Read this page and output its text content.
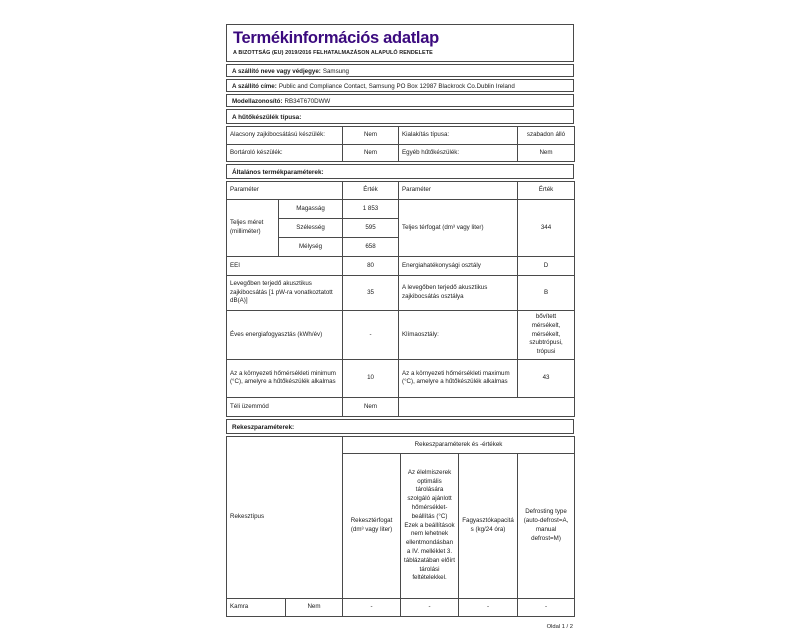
Termékinformációs adatlap
A BIZOTTSÁG (EU) 2019/2016 FELHATALMAZÁSON ALAPULÓ RENDELETE
A szállító neve vagy védjegye: Samsung
A szállító címe: Public and Compliance Contact, Samsung PO Box 12987 Blackrock Co.Dublin Ireland
Modellazonosító: RB34T670DWW
A hűtőkészülék típusa:
Alacsony zajkibocsátású készülék:	Nem	Kialakítás típusa:	szabadon álló
Bortároló készülék:	Nem	Egyéb hűtőkészülék:	Nem
Általános termékparaméterek:
Paraméter		Érték	Paraméter	Érték
Teljes méret (milliméter)	Magasság	1 853	Teljes térfogat (dm³ vagy liter)	344
	Szélesség	595		
	Mélység	658		
EEI		80	Energiahatékonysági osztály	D
Levegőben terjedő akusztikus zajkibocsátás [1 pW-ra vonatkoztatott dB(A)]		35	A levegőben terjedő akusztikus zajkibocsátás osztálya	B
Éves energiafogyasztás (kWh/év)		-	Klímaosztály:	bővített mérsékelt, mérsékelt, szubtrópusi, trópusi
Az a környezeti hőmérsékleti minimum (°C), amelyre a hűtőkészülék alkalmas		10	Az a környezeti hőmérsékleti maximum (°C), amelyre a hűtőkészülék alkalmas	43
Téli üzemmód		Nem		
Rekeszparaméterek:
Rekesztípus		Rekeszparaméterek és -értékek			
		Rekesztérfogat (dm³ vagy liter)	Az élelmiszerek optimális tárolására szolgáló ajánlott hőmérséklet-beállítás (°C) Ezek a beállítások nem lehetnek ellentmondásban a IV. melléklet 3. táblázatában előírt tárolási feltételekkel.	Fagyasztókapacitás (kg/24 óra)	Defrosting type (auto-defrost=A, manual defrost=M)
Kamra	Nem	-	-	-	-
Oldal 1 / 2
